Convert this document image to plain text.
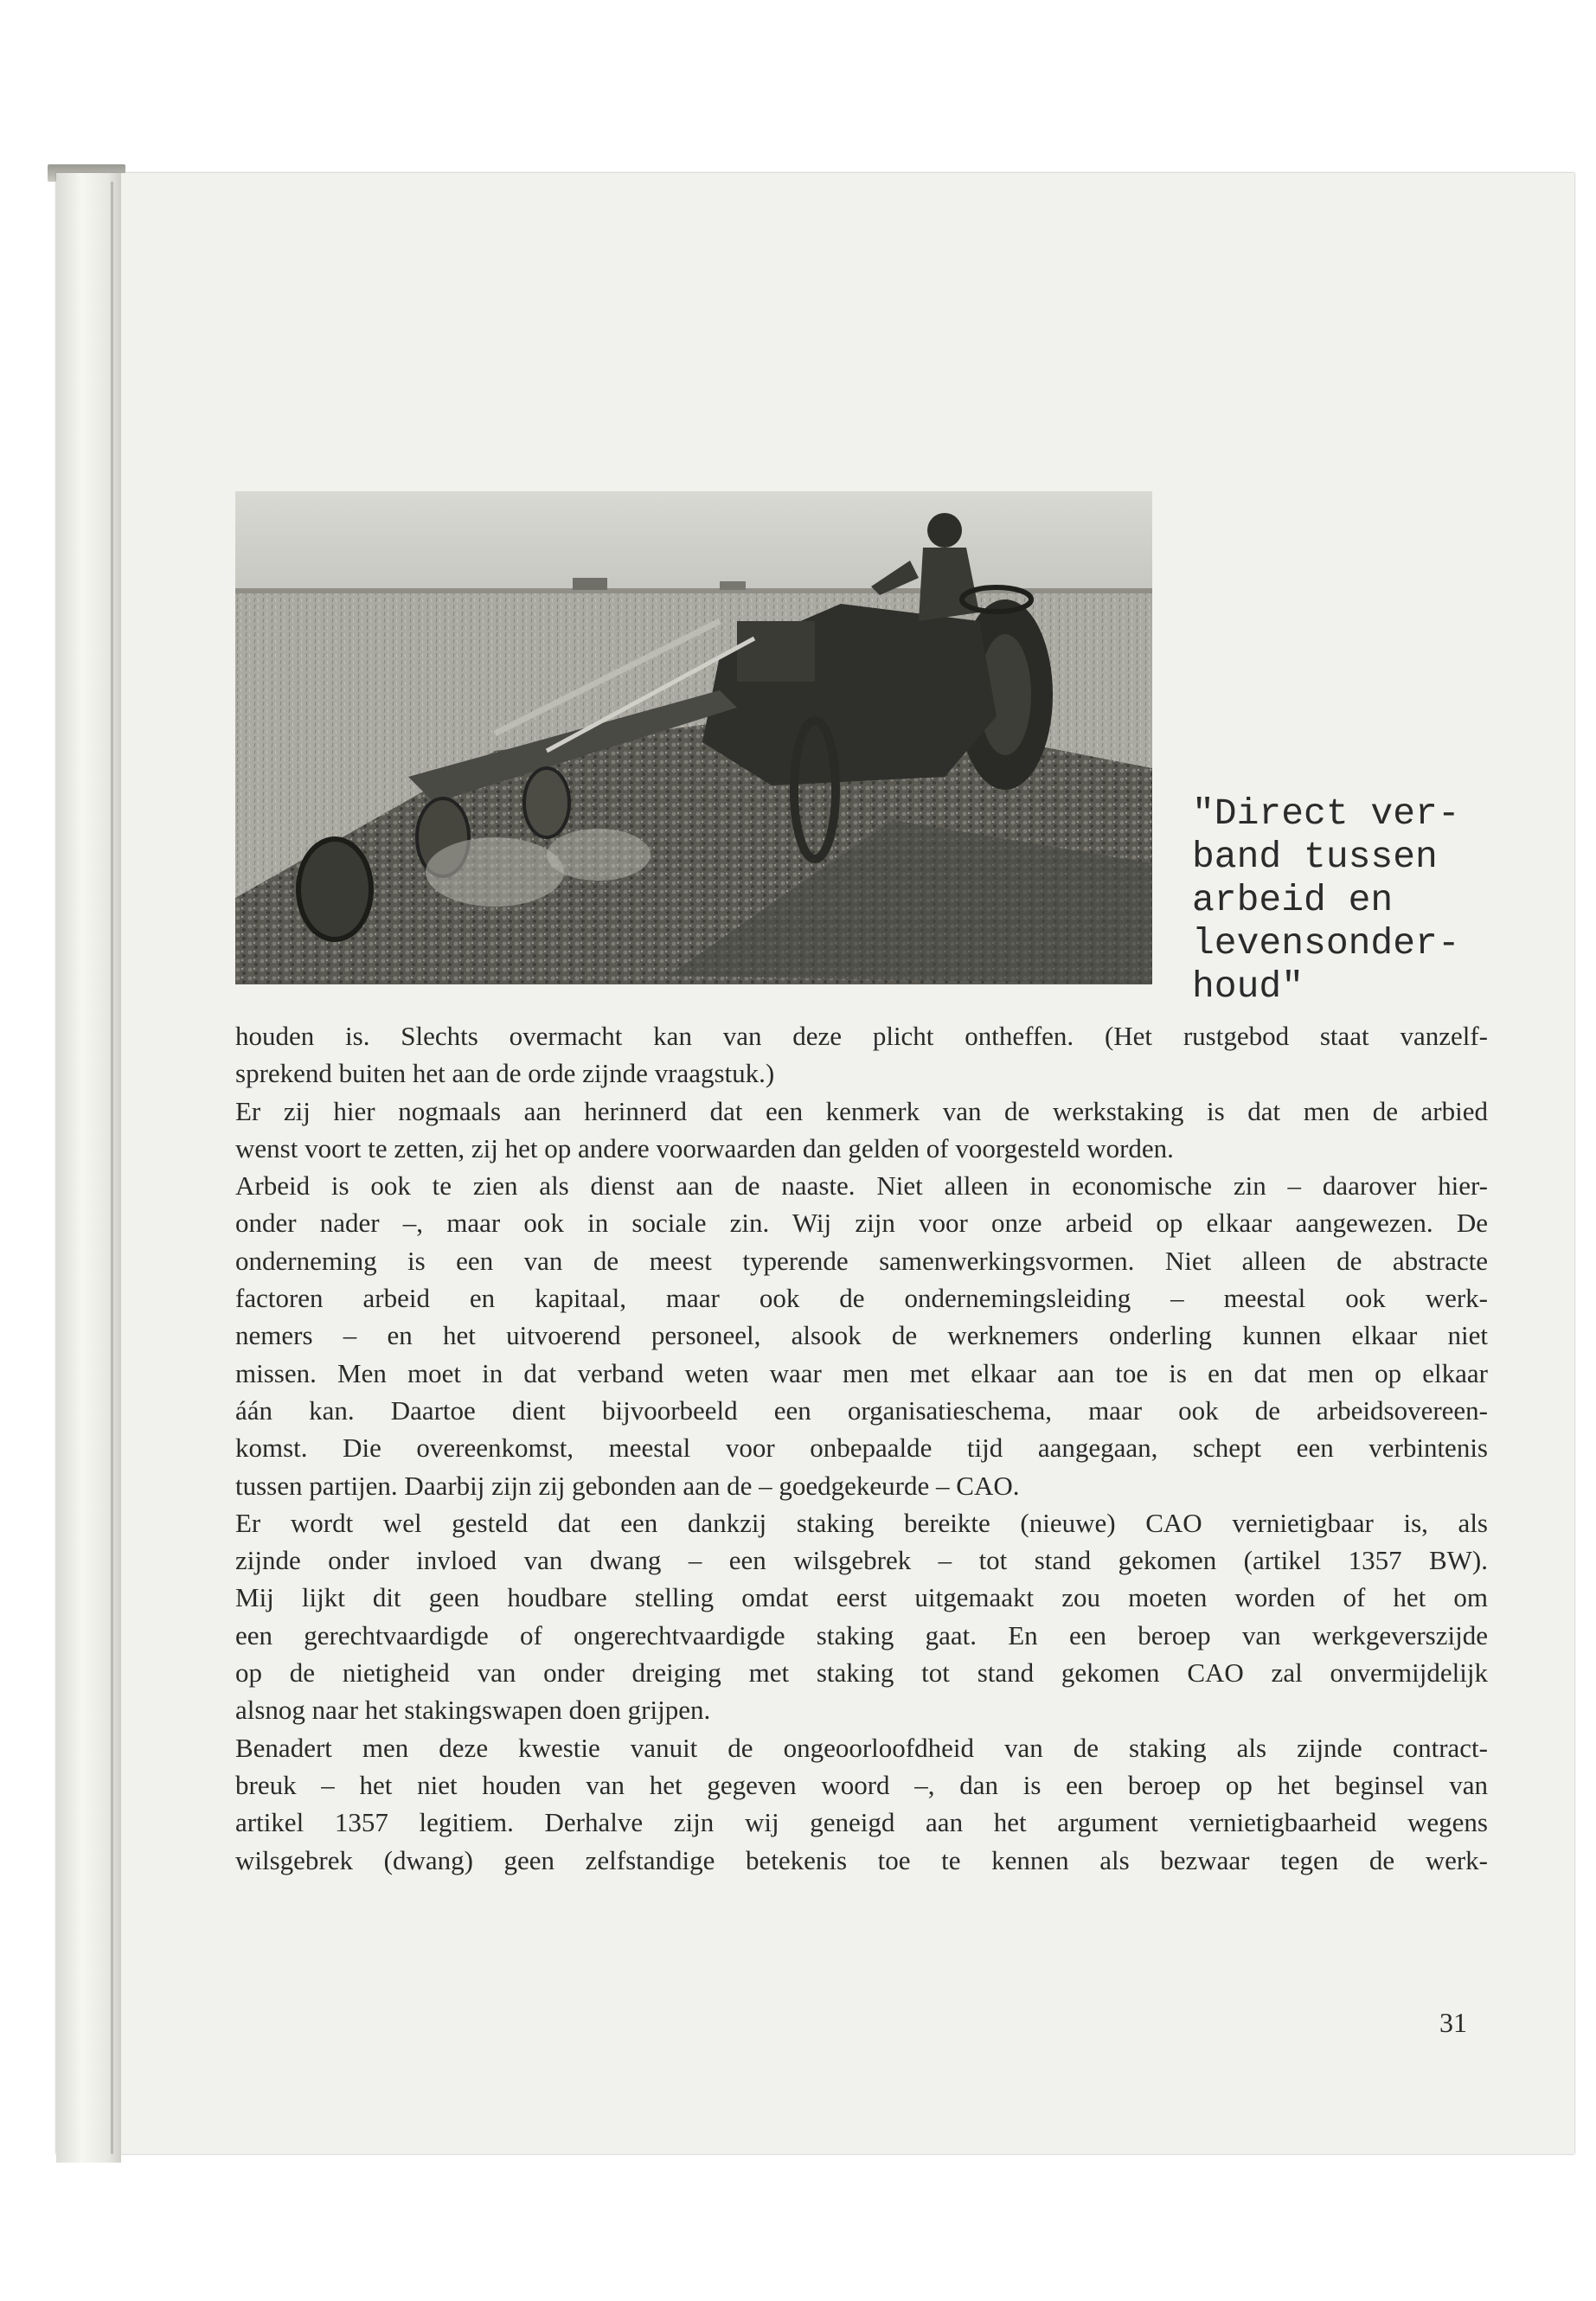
"Direct ver-
band tussen
arbeid en
levensonder-
houd"

houden is. Slechts overmacht kan van deze plicht ontheffen. (Het rustgebod staat vanzelf-
sprekend buiten het aan de orde zijnde vraagstuk.)

Er zij hier nogmaals aan herinnerd dat een kenmerk van de werkstaking is dat men de arbied
wenst voort te zetten, zij het op andere voorwaarden dan gelden of voorgesteld worden.

Arbeid is ook te zien als dienst aan de naaste. Niet alleen in economische zin – daarover hier-
onder nader –, maar ook in sociale zin. Wij zijn voor onze arbeid op elkaar aangewezen. De
onderneming is een van de meest typerende samenwerkingsvormen. Niet alleen de abstracte
factoren arbeid en kapitaal, maar ook de ondernemingsleiding – meestal ook werk-
nemers – en het uitvoerend personeel, alsook de werknemers onderling kunnen elkaar niet
missen. Men moet in dat verband weten waar men met elkaar aan toe is en dat men op elkaar
áán kan. Daartoe dient bijvoorbeeld een organisatieschema, maar ook de arbeidsovereen-
komst. Die overeenkomst, meestal voor onbepaalde tijd aangegaan, schept een verbintenis
tussen partijen. Daarbij zijn zij gebonden aan de – goedgekeurde – CAO.

Er wordt wel gesteld dat een dankzij staking bereikte (nieuwe) CAO vernietigbaar is, als
zijnde onder invloed van dwang – een wilsgebrek – tot stand gekomen (artikel 1357 BW).
Mij lijkt dit geen houdbare stelling omdat eerst uitgemaakt zou moeten worden of het om
een gerechtvaardigde of ongerechtvaardigde staking gaat. En een beroep van werkgeverszijde
op de nietigheid van onder dreiging met staking tot stand gekomen CAO zal onvermijdelijk
alsnog naar het stakingswapen doen grijpen.

Benadert men deze kwestie vanuit de ongeoorloofdheid van de staking als zijnde contract-
breuk – het niet houden van het gegeven woord –, dan is een beroep op het beginsel van
artikel 1357 legitiem. Derhalve zijn wij geneigd aan het argument vernietigbaarheid wegens
wilsgebrek (dwang) geen zelfstandige betekenis toe te kennen als bezwaar tegen de werk-

31
